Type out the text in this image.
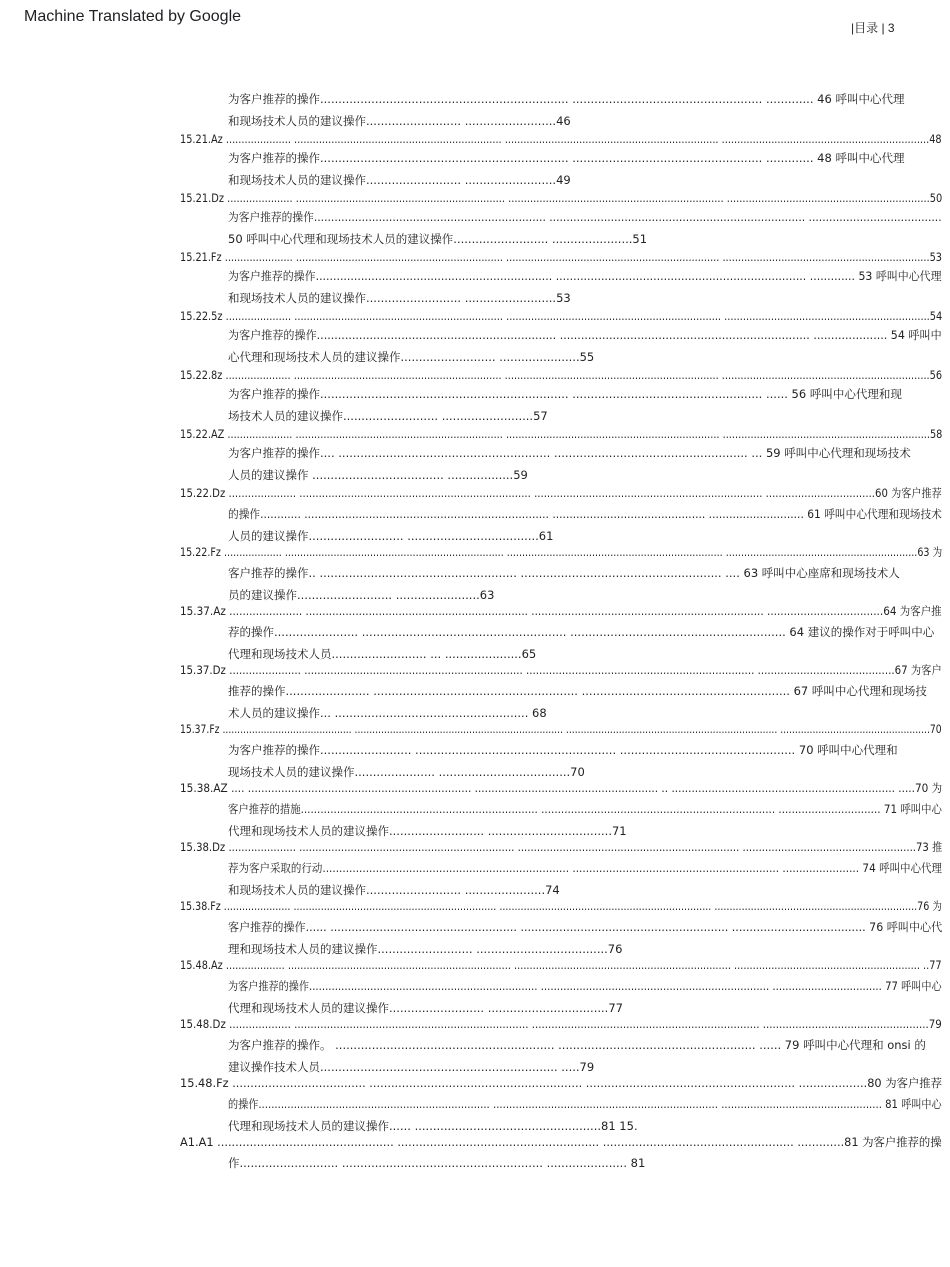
Machine Translated by Google
|目录 | 3
为客户推荐的操作.................................................................... .................................................... ............. 46 呼叫中心代理
和现场技术人员的建议操作.......................... .........................46
15.21.Az ..................... ................................................................... ..................................................................... ...................................................................48
为客户推荐的操作.................................................................... .................................................... ............. 48 呼叫中心代理
和现场技术人员的建议操作.......................... .........................49
15.21.Dz ..................... ................................................................... ..................................................................... .................................................................50
为客户推荐的操作.................................................................... ........................................................................... .......................................
50 呼叫中心代理和现场技术人员的建议操作.......................... ......................51
15.21.Fz ...................... ................................................................... ..................................................................... ...................................................................53
为客户推荐的操作.................................................................... ........................................................................ ............. 53 呼叫中心代理
和现场技术人员的建议操作.......................... .........................53
15.22.5z ..................... ................................................................... ..................................................................... ..................................................................54
为客户推荐的操作.................................................................... ....................................................................... ..................... 54 呼叫中
心代理和现场技术人员的建议操作.......................... ......................55
15.22.8z ..................... ................................................................... ..................................................................... ...................................................................56
为客户推荐的操作.................................................................... .................................................... ...... 56 呼叫中心代理和现
场技术人员的建议操作.......................... .........................57
15.22.AZ ..................... ................................................................... ..................................................................... ...................................................................58
为客户推荐的操作.... .......................................................... ..................................................... ... 59 呼叫中心代理和现场技术
人员的建议操作 .................................... ..................59
15.22.Dz ..................... ........................................................................ ....................................................................... ..................................60 为客户推荐
的操作............ ........................................................................ ............................................. ............................ 61 呼叫中心代理和现场技术
人员的建议操作.......................... ....................................61
15.22.Fz ................... ........................................................................ ....................................................................... ...............................................................63 为
客户推荐的操作.. ...................................................... ....................................................... .... 63 呼叫中心座席和现场技术人
员的建议操作.......................... .......................63
15.37.Az ...................... ................................................................... ...................................................................... ...................................64 为客户推
荐的操作....................... ........................................................ ........................................................... 64 建议的操作对于呼叫中心
代理和现场技术人员.......................... ... .....................65
15.37.Dz ...................... ................................................................... ...................................................................... ..........................................67 为客户
推荐的操作....................... ........................................................ ......................................................... 67 呼叫中心代理和现场技
术人员的建议操作... ..................................................... 68
15.37.Fz ............................................ ....................................................................... ........................................................................ ...................................................70
为客户推荐的操作......................... ....................................................... ................................................ 70 呼叫中心代理和
现场技术人员的建议操作...................... ....................................70
15.38.AZ .... ................................................................... ....................................................... .. ................................................................... .....70 为
客户推荐的措施........................................................................ ....................................................................... ............................... 71 呼叫中心
代理和现场技术人员的建议操作.......................... ..................................71
15.38.Dz ..................... ................................................................... ..................................................................... ......................................................73 推
荐为客户采取的行动.......................................................................... .............................................................. ....................... 74 呼叫中心代理
和现场技术人员的建议操作.......................... ......................74
15.38.Fz ...................... ................................................................... ...................................................................... ...................................................................76 为
客户推荐的操作...... ..................................................... ........................................................... ...................................... 76 呼叫中心代
理和现场技术人员的建议操作.......................... ....................................76
15.48.Az ................... ........................................................................ ...................................................................... ............................................................ ..77
为客户推荐的操作....................................................................... ....................................................................... .................................. 77 呼叫中心
代理和现场技术人员的建议操作.......................... .................................77
15.48.Dz ................... ........................................................................ ...................................................................... ...................................................79
为客户推荐的操作。 ............................................................ ...................................................... ...... 79 呼叫中心代理和 onsi 的
建议操作技术人员................................................................. .....79
15.48.Fz ..................................... ........................................................... .......................................................... ...................80 为客户推荐
的操作........................................................................ ...................................................................... .................................................. 81 呼叫中心
代理和现场技术人员的建议操作...... ...................................................81 15.
A1.A1 ................................................. ........................................................ ..................................................... .............81 为客户推荐的操
作........................... ....................................................... ...................... 81
